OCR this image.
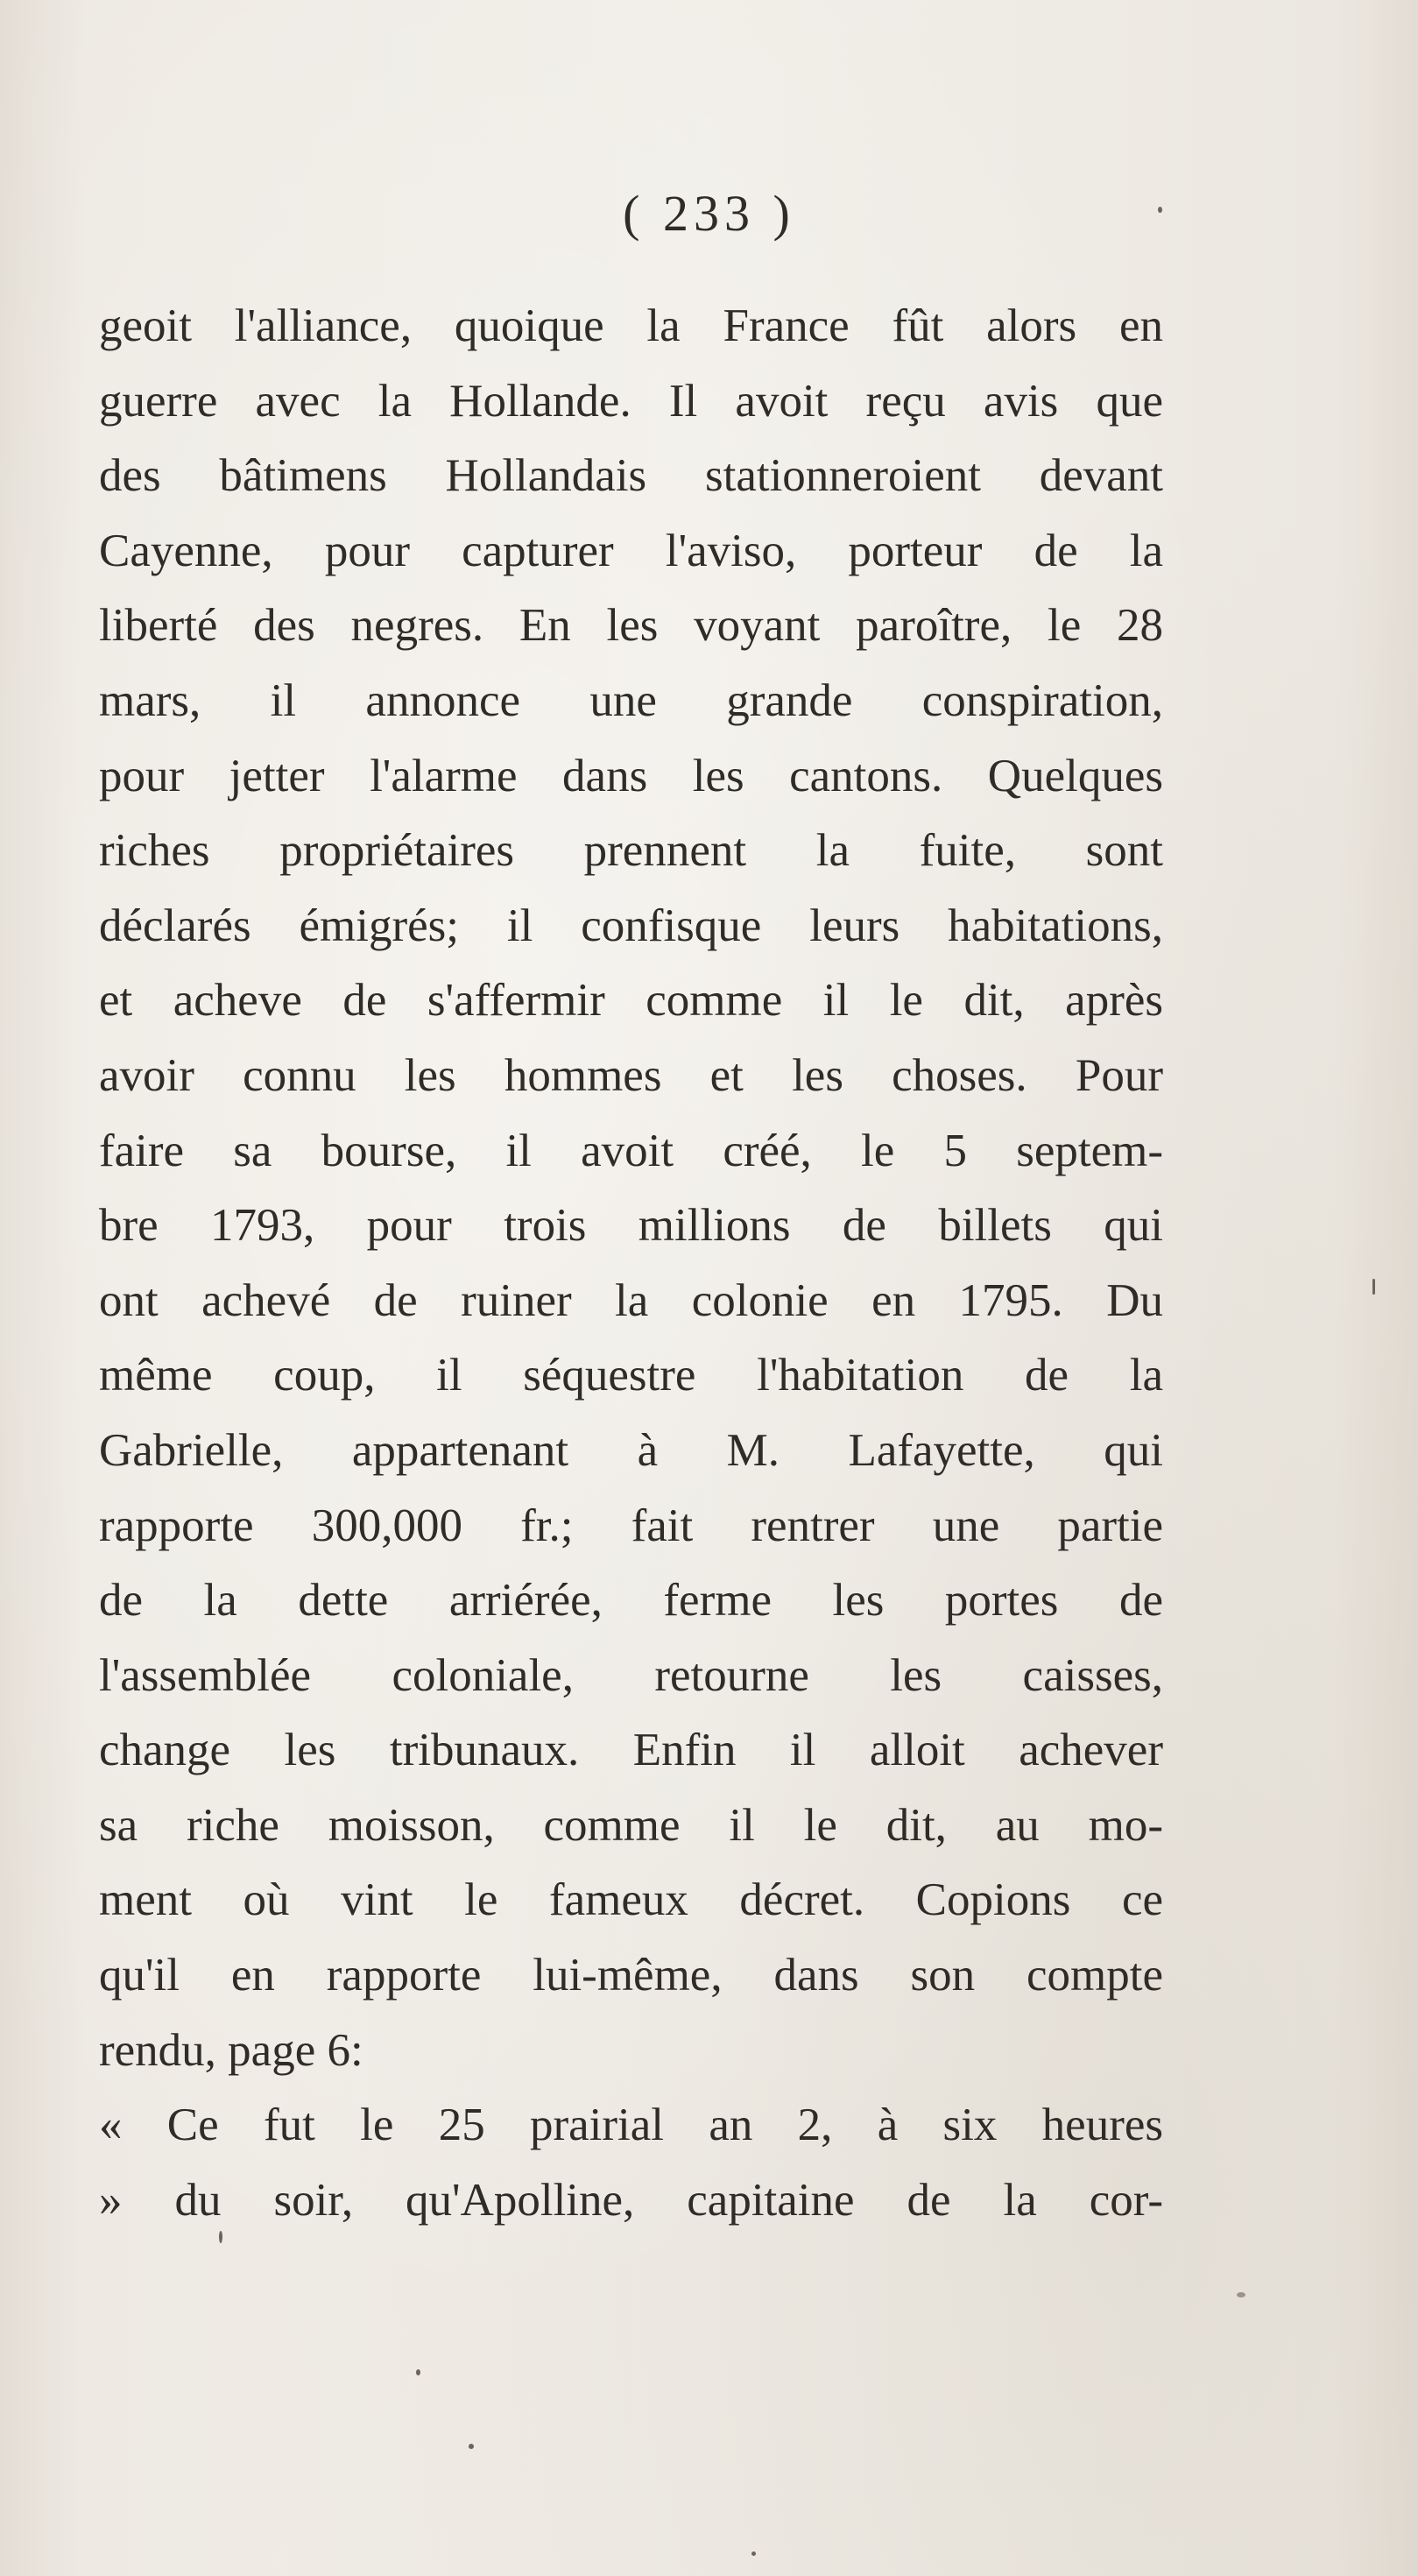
( 233 )
geoit l'alliance, quoique la France fût alors en
guerre avec la Hollande. Il avoit reçu avis que
des bâtimens Hollandais stationneroient devant
Cayenne, pour capturer l'aviso, porteur de la
liberté des negres. En les voyant paroître, le 28
mars, il annonce une grande conspiration,
pour jetter l'alarme dans les cantons. Quelques
riches propriétaires prennent la fuite, sont
déclarés émigrés; il confisque leurs habitations,
et acheve de s'affermir comme il le dit, après
avoir connu les hommes et les choses. Pour
faire sa bourse, il avoit créé, le 5 septem-
bre 1793, pour trois millions de billets qui
ont achevé de ruiner la colonie en 1795. Du
même coup, il séquestre l'habitation de la
Gabrielle, appartenant à M. Lafayette, qui
rapporte 300,000 fr.; fait rentrer une partie
de la dette arriérée, ferme les portes de
l'assemblée coloniale, retourne les caisses,
change les tribunaux. Enfin il alloit achever
sa riche moisson, comme il le dit, au mo-
ment où vint le fameux décret. Copions ce
qu'il en rapporte lui-même, dans son compte
rendu, page 6:
« Ce fut le 25 prairial an 2, à six heures
» du soir, qu'Apolline, capitaine de la cor-
